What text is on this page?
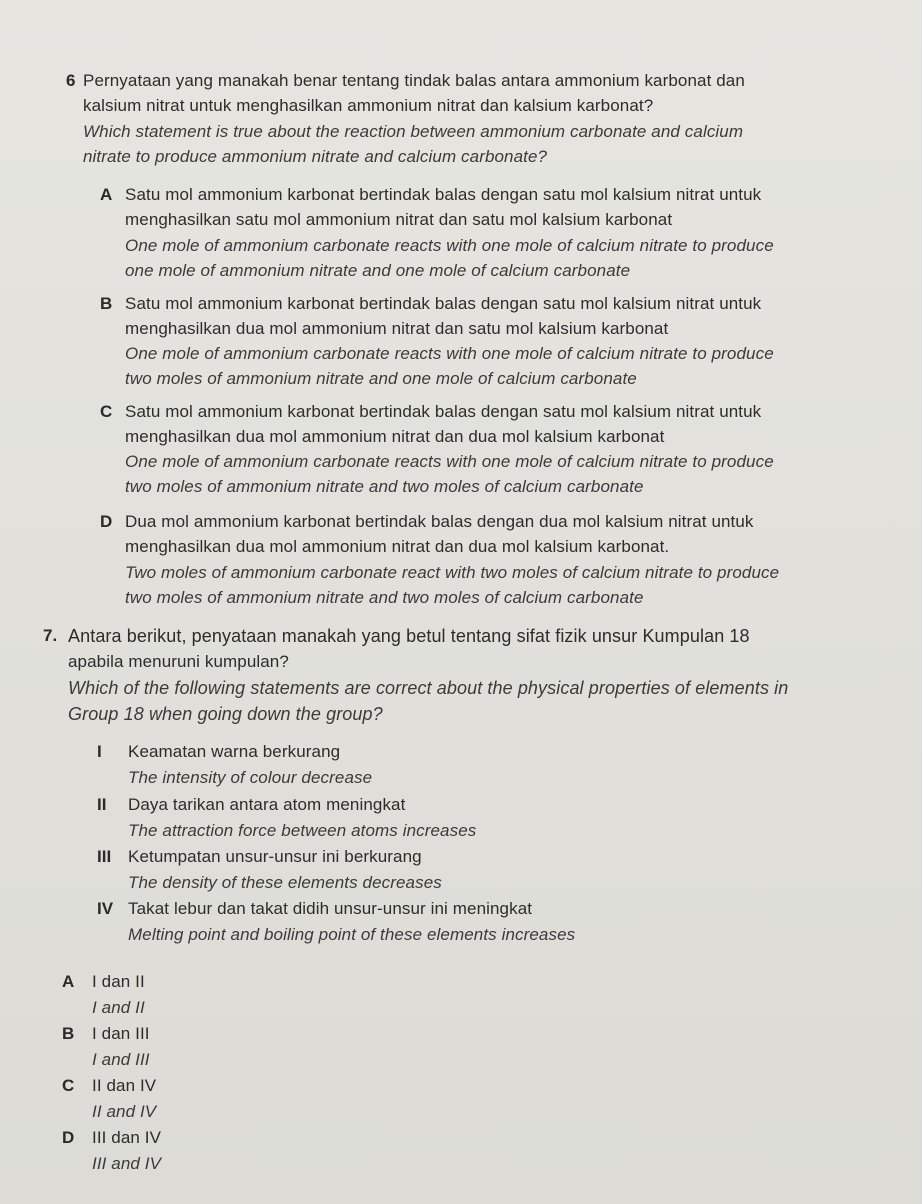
6 Pernyataan yang manakah benar tentang tindak balas antara ammonium karbonat dan
kalsium nitrat untuk menghasilkan ammonium nitrat dan kalsium karbonat?
Which statement is true about the reaction between ammonium carbonate and calcium
nitrate to produce ammonium nitrate and calcium carbonate?
A Satu mol ammonium karbonat bertindak balas dengan satu mol kalsium nitrat untuk
menghasilkan satu mol ammonium nitrat dan satu mol kalsium karbonat
One mole of ammonium carbonate reacts with one mole of calcium nitrate to produce
one mole of ammonium nitrate and one mole of calcium carbonate
B Satu mol ammonium karbonat bertindak balas dengan satu mol kalsium nitrat untuk
menghasilkan dua mol ammonium nitrat dan satu mol kalsium karbonat
One mole of ammonium carbonate reacts with one mole of calcium nitrate to produce
two moles of ammonium nitrate and one mole of calcium carbonate
C Satu mol ammonium karbonat bertindak balas dengan satu mol kalsium nitrat untuk
menghasilkan dua mol ammonium nitrat dan dua mol kalsium karbonat
One mole of ammonium carbonate reacts with one mole of calcium nitrate to produce
two moles of ammonium nitrate and two moles of calcium carbonate
D Dua mol ammonium karbonat bertindak balas dengan dua mol kalsium nitrat untuk
menghasilkan dua mol ammonium nitrat dan dua mol kalsium karbonat.
Two moles of ammonium carbonate react with two moles of calcium nitrate to produce
two moles of ammonium nitrate and two moles of calcium carbonate
7. Antara berikut, penyataan manakah yang betul tentang sifat fizik unsur Kumpulan 18
apabila menuruni kumpulan?
Which of the following statements are correct about the physical properties of elements in
Group 18 when going down the group?
I Keamatan warna berkurang
The intensity of colour decrease
II Daya tarikan antara atom meningkat
The attraction force between atoms increases
III Ketumpatan unsur-unsur ini berkurang
The density of these elements decreases
IV Takat lebur dan takat didih unsur-unsur ini meningkat
Melting point and boiling point of these elements increases
A I dan II
I and II
B I dan III
I and III
C II dan IV
II and IV
D III dan IV
III and IV
